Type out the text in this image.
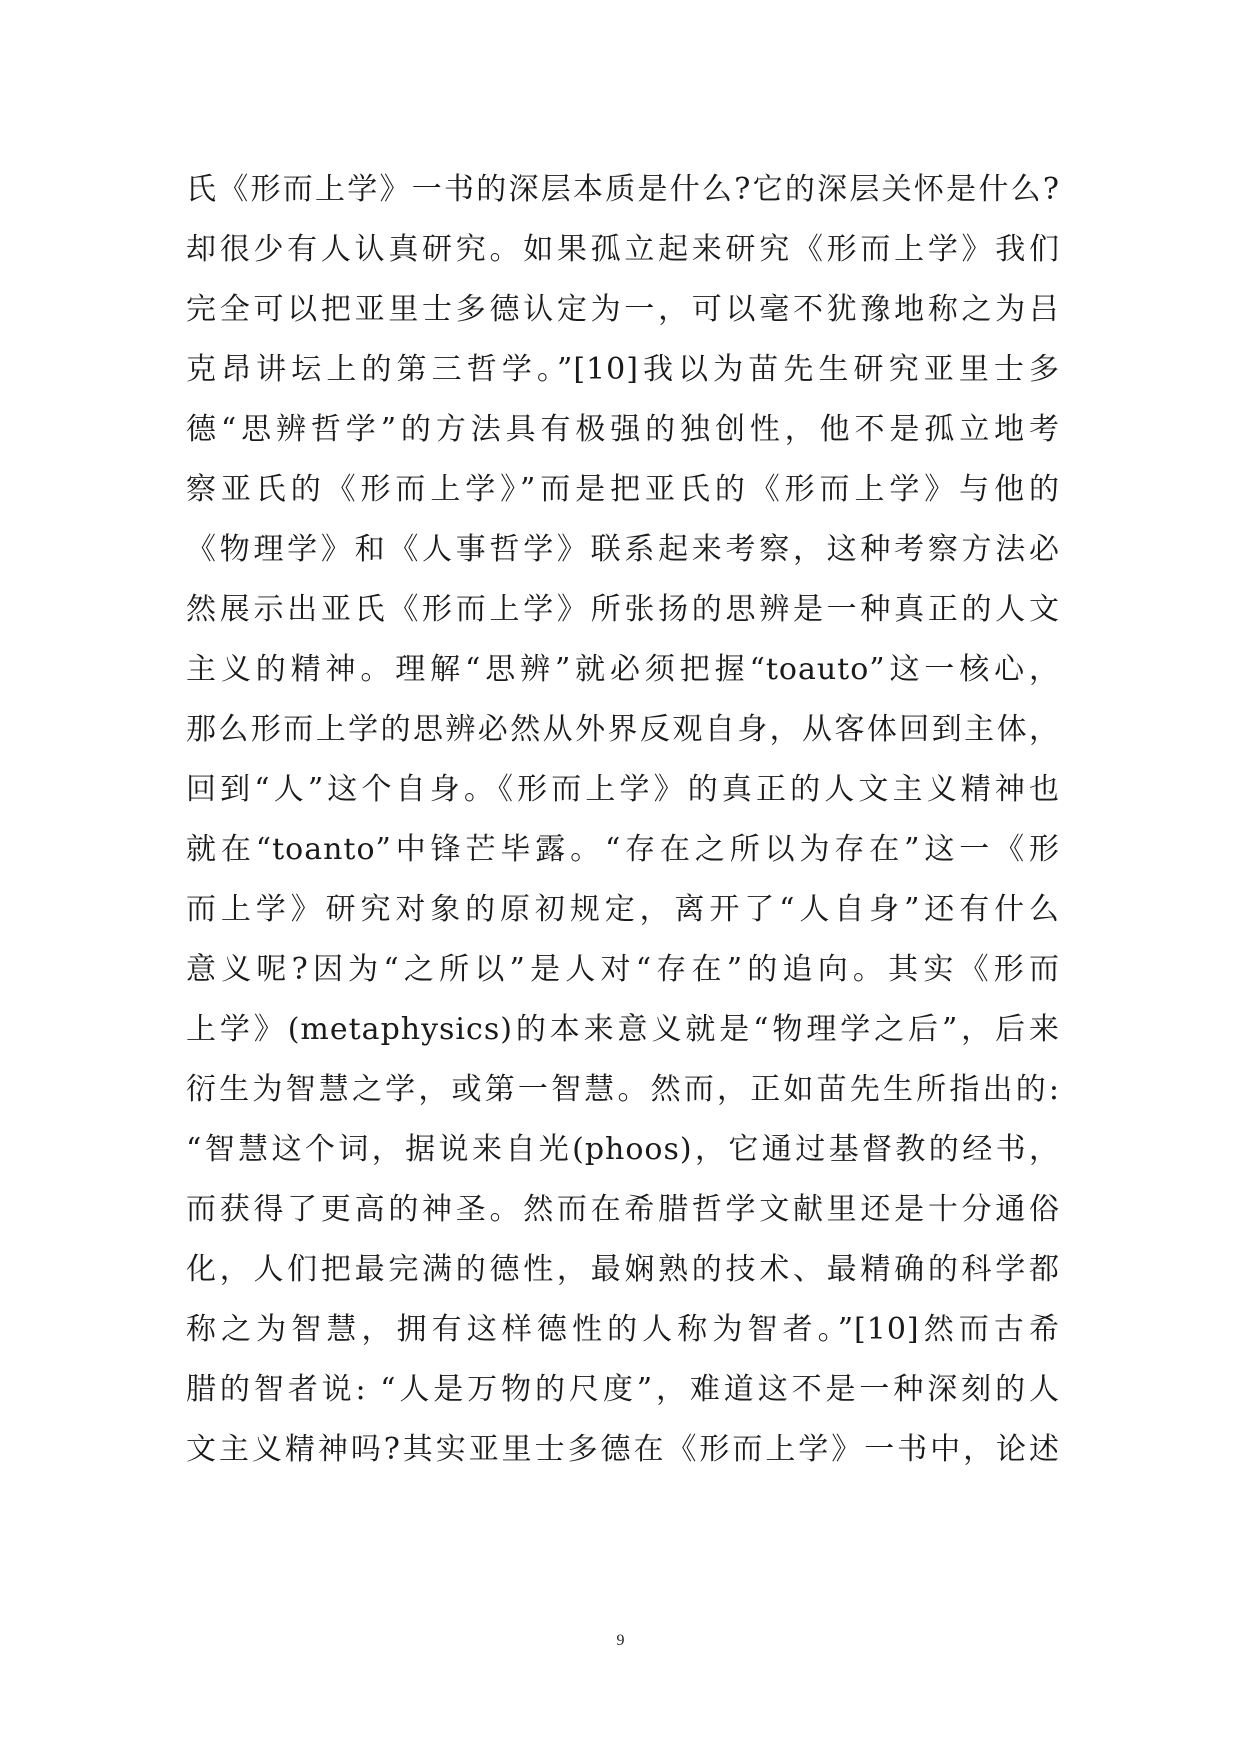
氏《形而上学》一书的深层本质是什么?它的深层关怀是什么?
却很少有人认真研究。如果孤立起来研究《形而上学》我们
完全可以把亚里士多德认定为一，可以毫不犹豫地称之为吕
克昂讲坛上的第三哲学。”[10]我以为苗先生研究亚里士多
德“思辨哲学”的方法具有极强的独创性，他不是孤立地考
察亚氏的《形而上学》”而是把亚氏的《形而上学》与他的
《物理学》和《人事哲学》联系起来考察，这种考察方法必
然展示出亚氏《形而上学》所张扬的思辨是一种真正的人文
主义的精神。理解“思辨”就必须把握“toauto”这一核心，
那么形而上学的思辨必然从外界反观自身，从客体回到主体，
回到“人”这个自身。《形而上学》的真正的人文主义精神也
就在“toanto”中锋芒毕露。“存在之所以为存在”这一《形
而上学》研究对象的原初规定，离开了“人自身”还有什么
意义呢?因为“之所以”是人对“存在”的追向。其实《形而
上学》(metaphysics)的本来意义就是“物理学之后”，后来
衍生为智慧之学，或第一智慧。然而，正如苗先生所指出的:
“智慧这个词，据说来自光(phoos)，它通过基督教的经书，
而获得了更高的神圣。然而在希腊哲学文献里还是十分通俗
化，人们把最完满的德性，最娴熟的技术、最精确的科学都
称之为智慧，拥有这样德性的人称为智者。”[10]然而古希
腊的智者说: “人是万物的尺度”，难道这不是一种深刻的人
文主义精神吗?其实亚里士多德在《形而上学》一书中，论述
9
